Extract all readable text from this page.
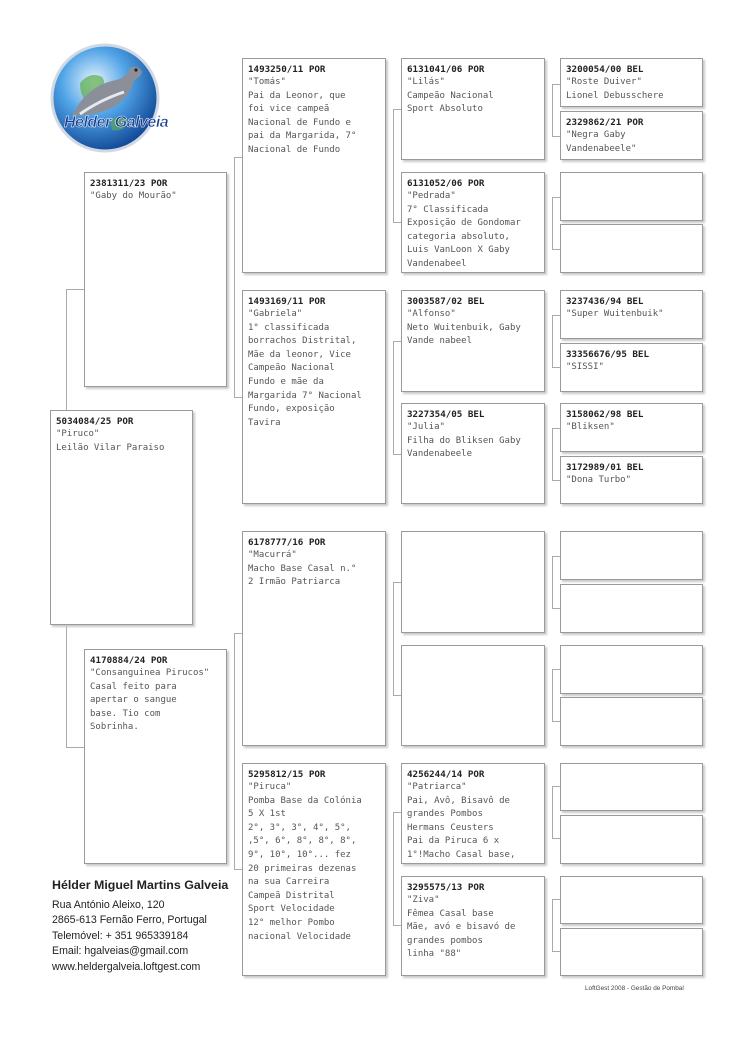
Helder Galveia
5034084/25 POR
"Piruco"
Leilão Vilar Paraiso
2381311/23 POR
"Gaby do Mourão"
4170884/24 POR
"Consanguinea Pirucos"
Casal feito para
apertar o sangue
base. Tio com
Sobrinha.
1493250/11 POR
"Tomás"
Pai da Leonor, que
foi vice campeã
Nacional de Fundo e
pai da Margarida, 7°
Nacional de Fundo
1493169/11 POR
"Gabriela"
1° classificada
borrachos Distrital,
Mãe da leonor, Vice
Campeão Nacional
Fundo e mãe da
Margarida 7° Nacional
Fundo, exposição
Tavira
6178777/16 POR
"Macurrá"
Macho Base Casal n.°
2 Irmão Patriarca
5295812/15 POR
"Piruca"
Pomba Base da Colónia
5 X 1st
2°, 3°, 3°, 4°, 5°,
,5°, 6°, 8°, 8°, 8°,
9°, 10°, 10°... fez
20 primeiras dezenas
na sua Carreira
Campeã Distrital
Sport Velocidade
12° melhor Pombo
nacional Velocidade
6131041/06 POR
"Lilás"
Campeão Nacional
Sport Absoluto
6131052/06 POR
"Pedrada"
7° Classificada
Exposição de Gondomar
categoria absoluto,
Luis VanLoon X Gaby
Vandenabeel
3003587/02 BEL
"Alfonso"
Neto Wuitenbuik, Gaby
Vande nabeel
3227354/05 BEL
"Julia"
Filha do Bliksen Gaby
Vandenabeele
4256244/14 POR
"Patriarca"
Pai, Avô, Bisavô de
grandes Pombos
Hermans Ceusters
Pai da Piruca 6 x
1°!Macho Casal base,
3295575/13 POR
"Ziva"
Fêmea Casal base
Mãe, avó e bisavó de
grandes pombos
linha "88"
3200054/00 BEL
"Roste Duiver"
Lionel Debusschere
2329862/21 POR
"Negra Gaby
Vandenabeele"
3237436/94 BEL
"Super Wuitenbuik"
33356676/95 BEL
"SISSI"
3158062/98 BEL
"Bliksen"
3172989/01 BEL
"Dona Turbo"
Hélder Miguel Martins Galveia
Rua António Aleixo, 120
2865-613 Fernão Ferro, Portugal
Telemóvel: + 351 965339184
Email: hgalveias@gmail.com
www.heldergalveia.loftgest.com
LoftGest 2008 - Gestão de Pombal
